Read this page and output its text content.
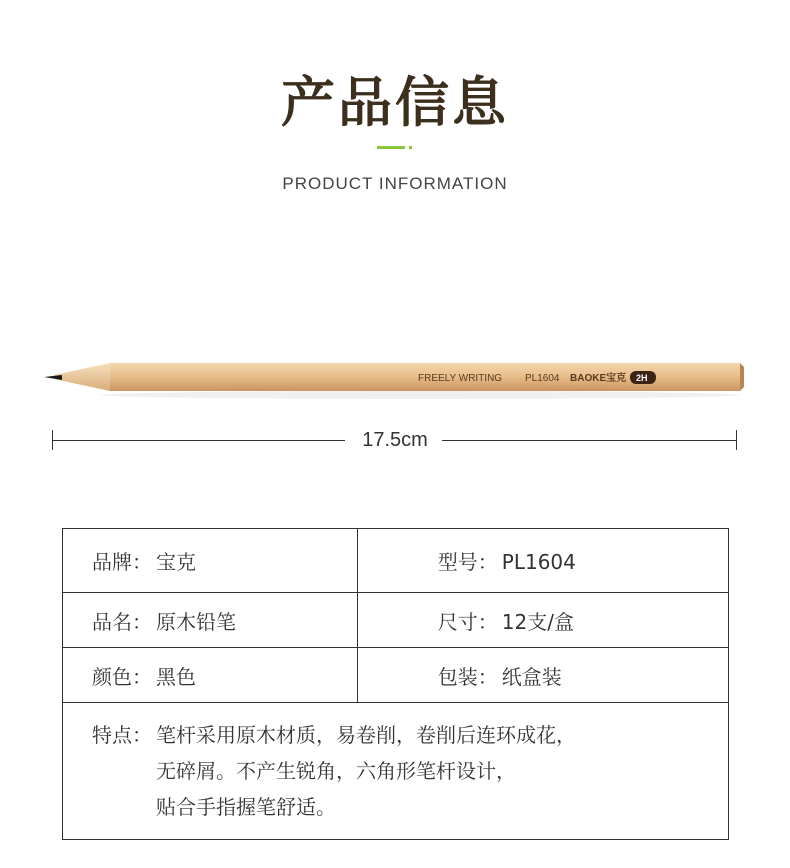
产品信息
PRODUCT INFORMATION
FREELY WRITING PL1604 BAOKE宝克 2H
17.5cm
品牌： 宝克	型号： PL1604
品名： 原木铅笔	尺寸： 12支/盒
颜色： 黑色	包装： 纸盒装

特点： 笔杆采用原木材质，易卷削，卷削后连环成花，
无碎屑。不产生锐角，六角形笔杆设计，
贴合手指握笔舒适。	
